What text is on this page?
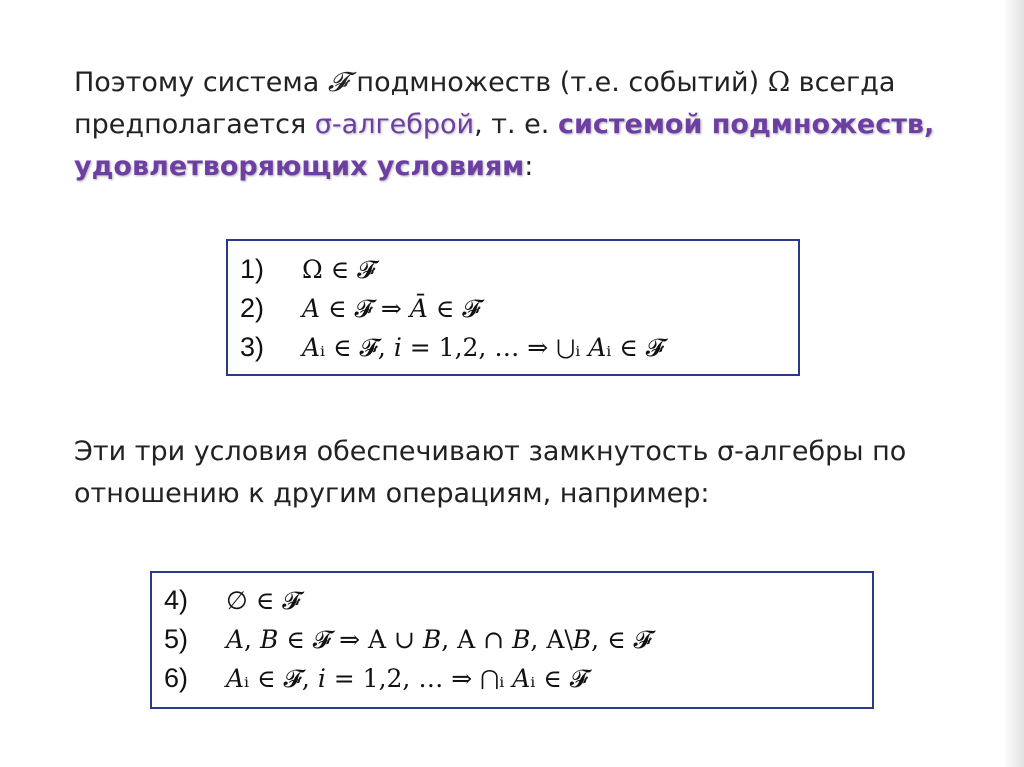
Поэтому система 𝓕 подмножеств (т.е. событий) Ω всегда предполагается σ-алгеброй, т. е. системой подмножеств, удовлетворяющих условиям:
1) Ω ∈ 𝓕
2) 𝐴 ∈ 𝓕 ⇒ 𝐴̄ ∈ 𝓕
3) 𝐴ᵢ ∈ 𝓕, 𝑖 = 1,2, … ⇒ ⋃ᵢ 𝐴ᵢ ∈ 𝓕
Эти три условия обеспечивают замкнутость σ-алгебры по отношению к другим операциям, например:
4) ∅ ∈ 𝓕
5) 𝐴, 𝐵 ∈ 𝓕 ⇒ A ∪ 𝐵, A ∩ 𝐵, A\𝐵, ∈ 𝓕
6) 𝐴ᵢ ∈ 𝓕, 𝑖 = 1,2, … ⇒ ⋂ᵢ 𝐴ᵢ ∈ 𝓕
